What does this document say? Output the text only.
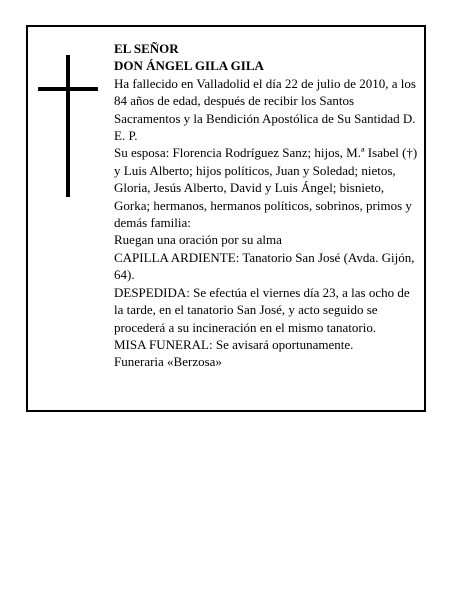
EL SEÑOR

DON ÁNGEL GILA GILA

Ha fallecido en Valladolid el día 22 de julio de 2010, a los 84 años de edad, después de recibir los Santos Sacramentos y la Bendición Apostólica de Su Santidad D. E. P.

Su esposa: Florencia Rodríguez Sanz; hijos, M.ª Isabel (†) y Luis Alberto; hijos políticos, Juan y Soledad; nietos, Gloria, Jesús Alberto, David y Luis Ángel; bisnieto, Gorka; hermanos, hermanos políticos, sobrinos, primos y demás familia:

Ruegan una oración por su alma

CAPILLA ARDIENTE: Tanatorio San José (Avda. Gijón, 64).

DESPEDIDA: Se efectúa el viernes día 23, a las ocho de la tarde, en el tanatorio San José, y acto seguido se procederá a su incineración en el mismo tanatorio.

MISA FUNERAL: Se avisará oportunamente.

Funeraria «Berzosa»
